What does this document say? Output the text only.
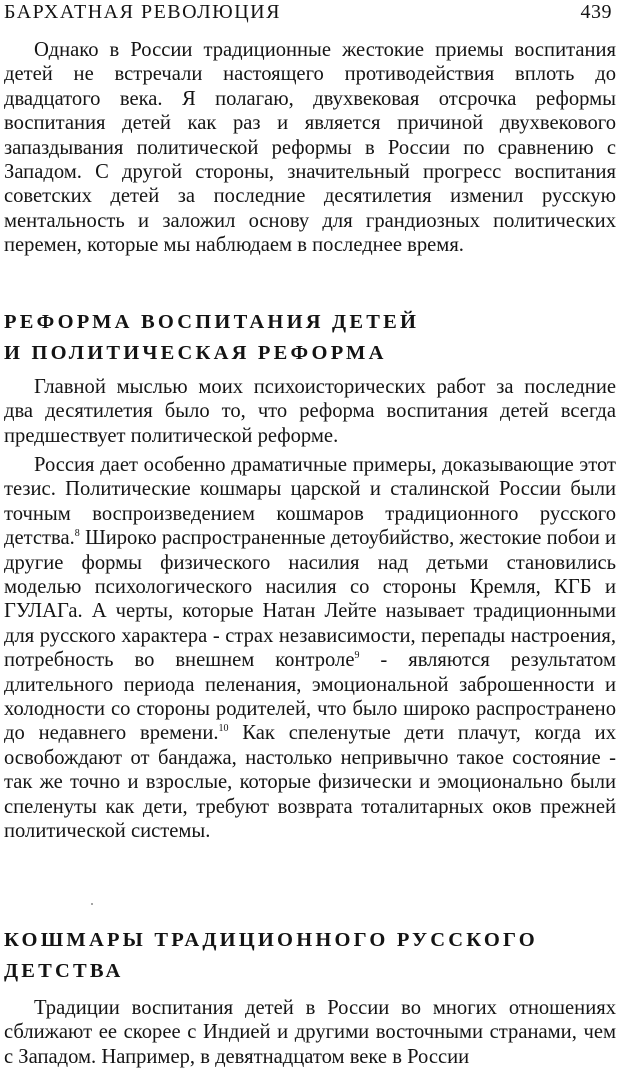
БАРХАТНАЯ РЕВОЛЮЦИЯ	439

Однако в России традиционные жестокие приемы воспитания детей не встречали настоящего противодействия вплоть до двадцатого века. Я полагаю, двухвековая отсрочка реформы воспитания детей как раз и является причиной двухвекового запаздывания политической реформы в России по сравнению с Западом. С другой стороны, значительный прогресс воспитания советских детей за последние десятилетия изменил русскую ментальность и заложил основу для грандиозных политических перемен, которые мы наблюдаем в последнее время.

РЕФОРМА ВОСПИТАНИЯ ДЕТЕЙ
И ПОЛИТИЧЕСКАЯ РЕФОРМА

Главной мыслью моих психоисторических работ за последние два десятилетия было то, что реформа воспитания детей всегда предшествует политической реформе.

Россия дает особенно драматичные примеры, доказывающие этот тезис. Политические кошмары царской и сталинской России были точным воспроизведением кошмаров традиционного русского детства.$^8$ Широко распространенные детоубийство, жестокие побои и другие формы физического насилия над детьми становились моделью психологического насилия со стороны Кремля, КГБ и ГУЛАГа. А черты, которые Натан Лейте называет традиционными для русского характера - страх независимости, перепады настроения, потребность во внешнем контроле$^9$ - являются результатом длительного периода пеленания, эмоциональной заброшенности и холодности со стороны родителей, что было широко распространено до недавнего времени.$^{10}$ Как спеленутые дети плачут, когда их освобождают от бандажа, настолько непривычно такое состояние - так же точно и взрослые, которые физически и эмоционально были спеленуты как дети, требуют возврата тоталитарных оков прежней политической системы.

КОШМАРЫ ТРАДИЦИОННОГО РУССКОГО
ДЕТСТВА

Традиции воспитания детей в России во многих отношениях сближают ее скорее с Индией и другими восточными странами, чем с Западом. Например, в девятнадцатом веке в России
